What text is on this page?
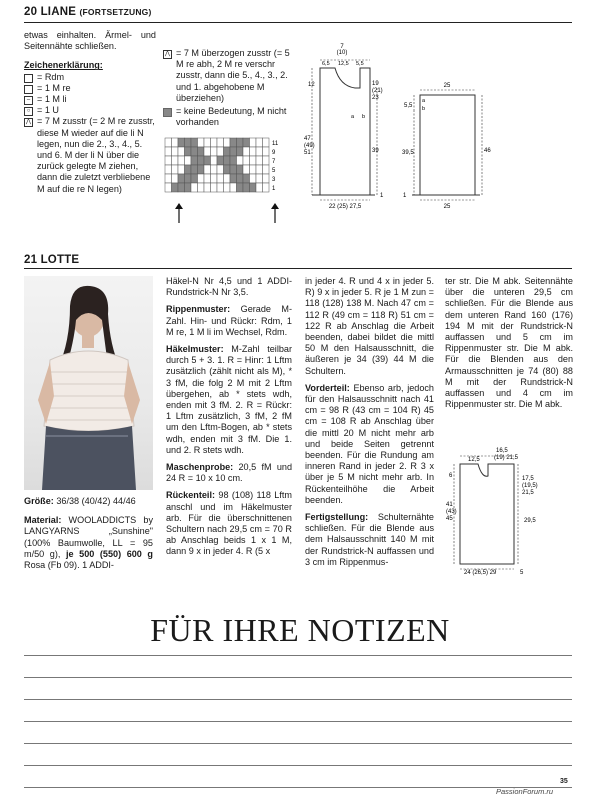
20 LIANE (FORTSETZUNG)
etwas einhalten. Ärmel- und Seitennähte schließen.
Zeichenerklärung:
= Rdm
= 1 M re
– = 1 M li
○ = 1 U
⋀ = 7 M zusstr (= 2 M re zusstr, diese M wieder auf die li N legen, nun die 2., 3., 4., 5. und 6. M der li N über die zurück gelegte M ziehen, dann die zuletzt verbliebene M auf die re N legen)
⋀ = 7 M überzogen zusstr (= 5 M re abh, 2 M re verschr zusstr, dann die 5., 4., 3., 2. und 1. abgehobene M überziehen)
= keine Bedeutung, M nicht vorhanden
11
9
7
5
3
1
7
(10)
6,5 12,5 5,5
12	19
(21)
23
a b
47
(49)
51	39
22 (25) 27,5
1
25
5,5
a
b
39,5	46
25
1
21 LOTTE
Größe: 36/38 (40/42) 44/46
Material: WOOLADDICTS by LANGYARNS „Sunshine" (100% Baumwolle, LL = 95 m/50 g), je 500 (550) 600 g Rosa (Fb 09). 1 ADDI-
Häkel-N Nr 4,5 und 1 ADDI-Rundstrick-N Nr 3,5.
Rippenmuster: Gerade M-Zahl. Hin- und Rückr: Rdm, 1 M re, 1 M li im Wechsel, Rdm.
Häkelmuster: M-Zahl teilbar durch 5 + 3. 1. R = Hinr: 1 Lftm zusätzlich (zählt nicht als M), * 3 fM, die folg 2 M mit 2 Lftm übergehen, ab * stets wdh, enden mit 3 fM. 2. R = Rückr: 1 Lftm zusätzlich, 3 fM, 2 fM um den Lftm-Bogen, ab * stets wdh, enden mit 3 fM. Die 1. und 2. R stets wdh.
Maschenprobe: 20,5 fM und 24 R = 10 x 10 cm.
Rückenteil: 98 (108) 118 Lftm anschl und im Häkelmuster arb. Für die überschnittenen Schultern nach 29,5 cm = 70 R ab Anschlag beids 1 x 1 M, dann 9 x in jeder 4. R (5 x
in jeder 4. R und 4 x in jeder 5. R) 9 x in jeder 5. R je 1 M zun = 118 (128) 138 M. Nach 47 cm = 112 R (49 cm = 118 R) 51 cm = 122 R ab Anschlag die Arbeit beenden, dabei bildet die mittl 50 M den Halsausschnitt, die äußeren je 34 (39) 44 M die Schultern.
Vorderteil: Ebenso arb, jedoch für den Halsausschnitt nach 41 cm = 98 R (43 cm = 104 R) 45 cm = 108 R ab Anschlag über die mittl 20 M nicht mehr arb und beide Seiten getrennt beenden. Für die Rundung am inneren Rand in jeder 2. R 3 x über je 5 M nicht mehr arb. In Rückenteilhöhe die Arbeit beenden.
Fertigstellung: Schulternähte schließen. Für die Blende aus dem Halsausschnitt 140 M mit der Rundstrick-N auffassen und 3 cm im Rippenmus-
ter str. Die M abk. Seitennähte über die unteren 29,5 cm schließen. Für die Blende aus dem unteren Rand 160 (176) 194 M mit der Rundstrick-N auffassen und 5 cm im Rippenmuster str. Die M abk. Für die Blenden aus den Armausschnitten je 74 (80) 88 M mit der Rundstrick-N auffassen und 4 cm im Rippenmuster str. Die M abk.
16,5
(19) 21,5
12,5
6	17,5
(19,5)
21,5
41
(43)
45	29,5
24 (26,5) 29	5
FÜR IHRE NOTIZEN
35
PassionForum.ru
